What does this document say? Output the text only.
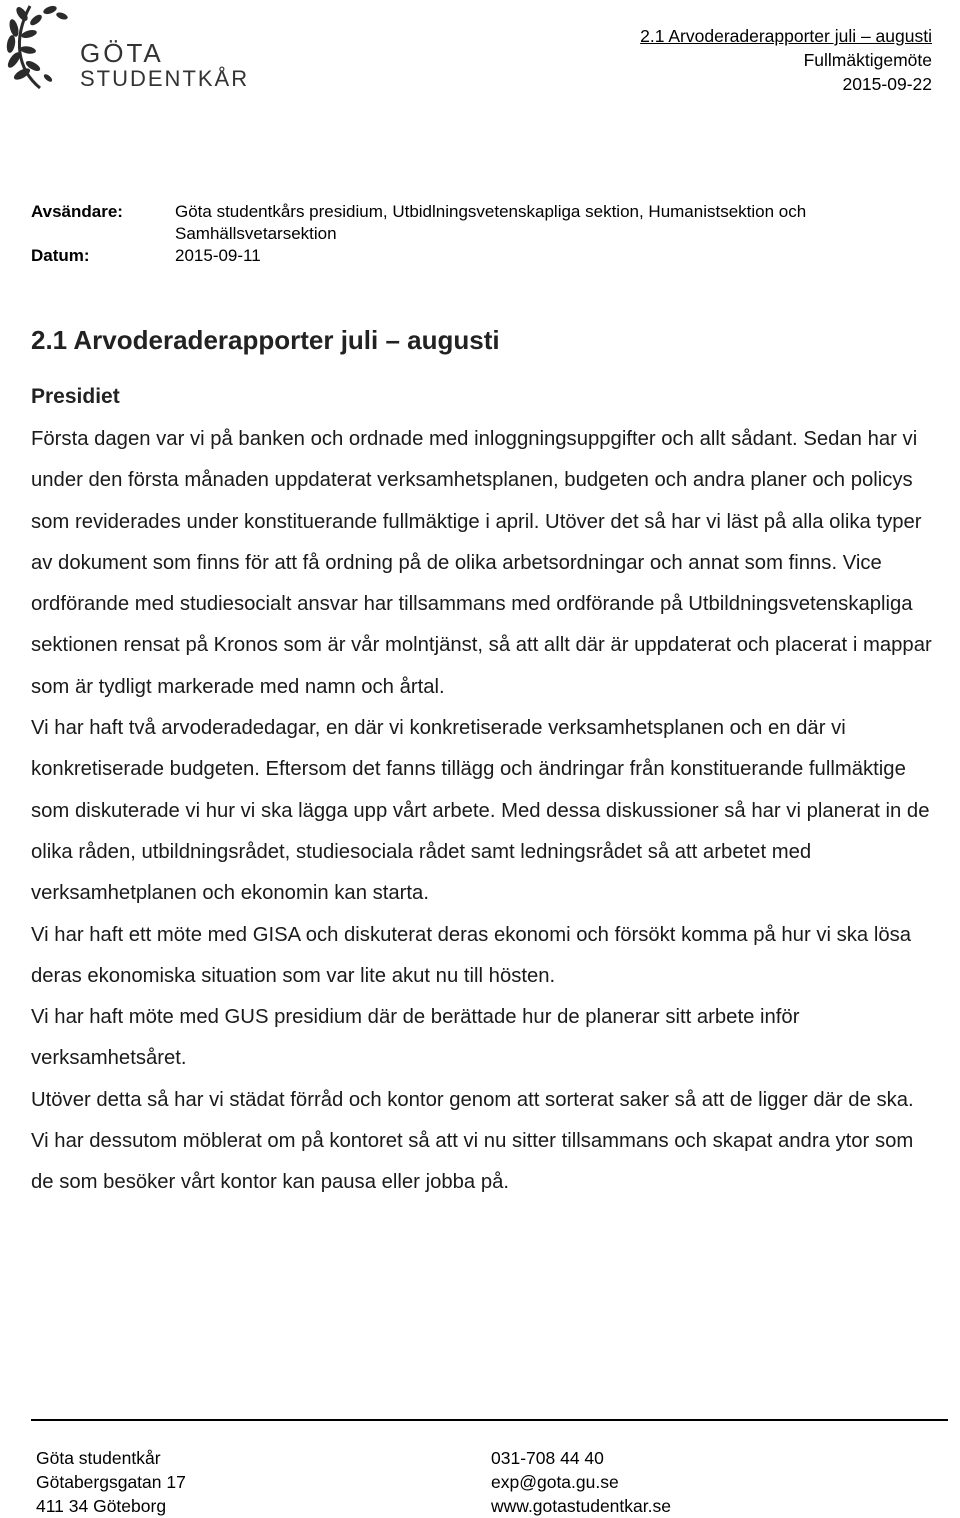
GÖTA
STUDENTKÅR
2.1 Arvoderaderapporter juli – augusti
Fullmäktigemöte
2015-09-22
Avsändare:	Göta studentkårs presidium, Utbidlningsvetenskapliga sektion, Humanistsektion och Samhällsvetarsektion
Datum:	2015-09-11
2.1 Arvoderaderapporter juli – augusti
Presidiet

Första dagen var vi på banken och ordnade med inloggningsuppgifter och allt sådant. Sedan har vi under den första månaden uppdaterat verksamhetsplanen, budgeten och andra planer och policys som reviderades under konstituerande fullmäktige i april. Utöver det så har vi läst på alla olika typer av dokument som finns för att få ordning på de olika arbetsordningar och annat som finns. Vice ordförande med studiesocialt ansvar har tillsammans med ordförande på Utbildningsvetenskapliga sektionen rensat på Kronos som är vår molntjänst, så att allt där är uppdaterat och placerat i mappar som är tydligt markerade med namn och årtal.

Vi har haft två arvoderadedagar, en där vi konkretiserade verksamhetsplanen och en där vi konkretiserade budgeten. Eftersom det fanns tillägg och ändringar från konstituerande fullmäktige som diskuterade vi hur vi ska lägga upp vårt arbete. Med dessa diskussioner så har vi planerat in de olika råden, utbildningsrådet, studiesociala rådet samt ledningsrådet så att arbetet med verksamhetplanen och ekonomin kan starta.

Vi har haft ett möte med GISA och diskuterat deras ekonomi och försökt komma på hur vi ska lösa deras ekonomiska situation som var lite akut nu till hösten.

Vi har haft möte med GUS presidium där de berättade hur de planerar sitt arbete inför verksamhetsåret.

Utöver detta så har vi städat förråd och kontor genom att sorterat saker så att de ligger där de ska. Vi har dessutom möblerat om på kontoret så att vi nu sitter tillsammans och skapat andra ytor som de som besöker vårt kontor kan pausa eller jobba på.

Göta studentkår
Götabergsgatan 17
411 34 Göteborg
031-708 44 40
exp@gota.gu.se
www.gotastudentkar.se
